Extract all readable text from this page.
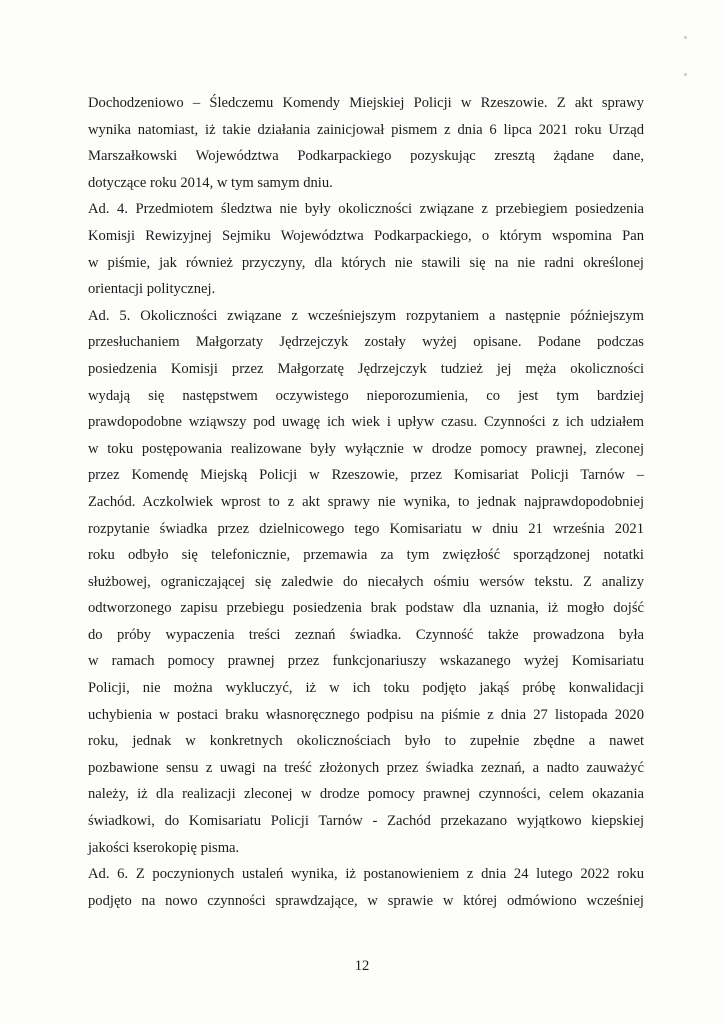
Dochodzeniowo – Śledczemu Komendy Miejskiej Policji w Rzeszowie. Z akt sprawy
wynika natomiast, iż takie działania zainicjował pismem z dnia 6 lipca 2021 roku Urząd
Marszałkowski Województwa Podkarpackiego pozyskując zresztą żądane dane,
dotyczące roku 2014, w tym samym dniu.
Ad. 4. Przedmiotem śledztwa nie były okoliczności związane z przebiegiem posiedzenia
Komisji Rewizyjnej Sejmiku Województwa Podkarpackiego, o którym wspomina Pan
w piśmie, jak również przyczyny, dla których nie stawili się na nie radni określonej
orientacji politycznej.
Ad. 5. Okoliczności związane z wcześniejszym rozpytaniem a następnie późniejszym
przesłuchaniem Małgorzaty Jędrzejczyk zostały wyżej opisane. Podane podczas
posiedzenia Komisji przez Małgorzatę Jędrzejczyk tudzież jej męża okoliczności
wydają się następstwem oczywistego nieporozumienia, co jest tym bardziej
prawdopodobne wziąwszy pod uwagę ich wiek i upływ czasu. Czynności z ich udziałem
w toku postępowania realizowane były wyłącznie w drodze pomocy prawnej, zleconej
przez Komendę Miejską Policji w Rzeszowie, przez Komisariat Policji Tarnów –
Zachód. Aczkolwiek wprost to z akt sprawy nie wynika, to jednak najprawdopodobniej
rozpytanie świadka przez dzielnicowego tego Komisariatu w dniu 21 września 2021
roku odbyło się telefonicznie, przemawia za tym zwięzłość sporządzonej notatki
służbowej, ograniczającej się zaledwie do niecałych ośmiu wersów tekstu. Z analizy
odtworzonego zapisu przebiegu posiedzenia brak podstaw dla uznania, iż mogło dojść
do próby wypaczenia treści zeznań świadka. Czynność także prowadzona była
w ramach pomocy prawnej przez funkcjonariuszy wskazanego wyżej Komisariatu
Policji, nie można wykluczyć, iż w ich toku podjęto jakąś próbę konwalidacji
uchybienia w postaci braku własnoręcznego podpisu na piśmie z dnia 27 listopada 2020
roku, jednak w konkretnych okolicznościach było to zupełnie zbędne a nawet
pozbawione sensu z uwagi na treść złożonych przez świadka zeznań, a nadto zauważyć
należy, iż dla realizacji zleconej w drodze pomocy prawnej czynności, celem okazania
świadkowi, do Komisariatu Policji Tarnów - Zachód przekazano wyjątkowo kiepskiej
jakości kserokopię pisma.
Ad. 6. Z poczynionych ustaleń wynika, iż postanowieniem z dnia 24 lutego 2022 roku
podjęto na nowo czynności sprawdzające, w sprawie w której odmówiono wcześniej
12
